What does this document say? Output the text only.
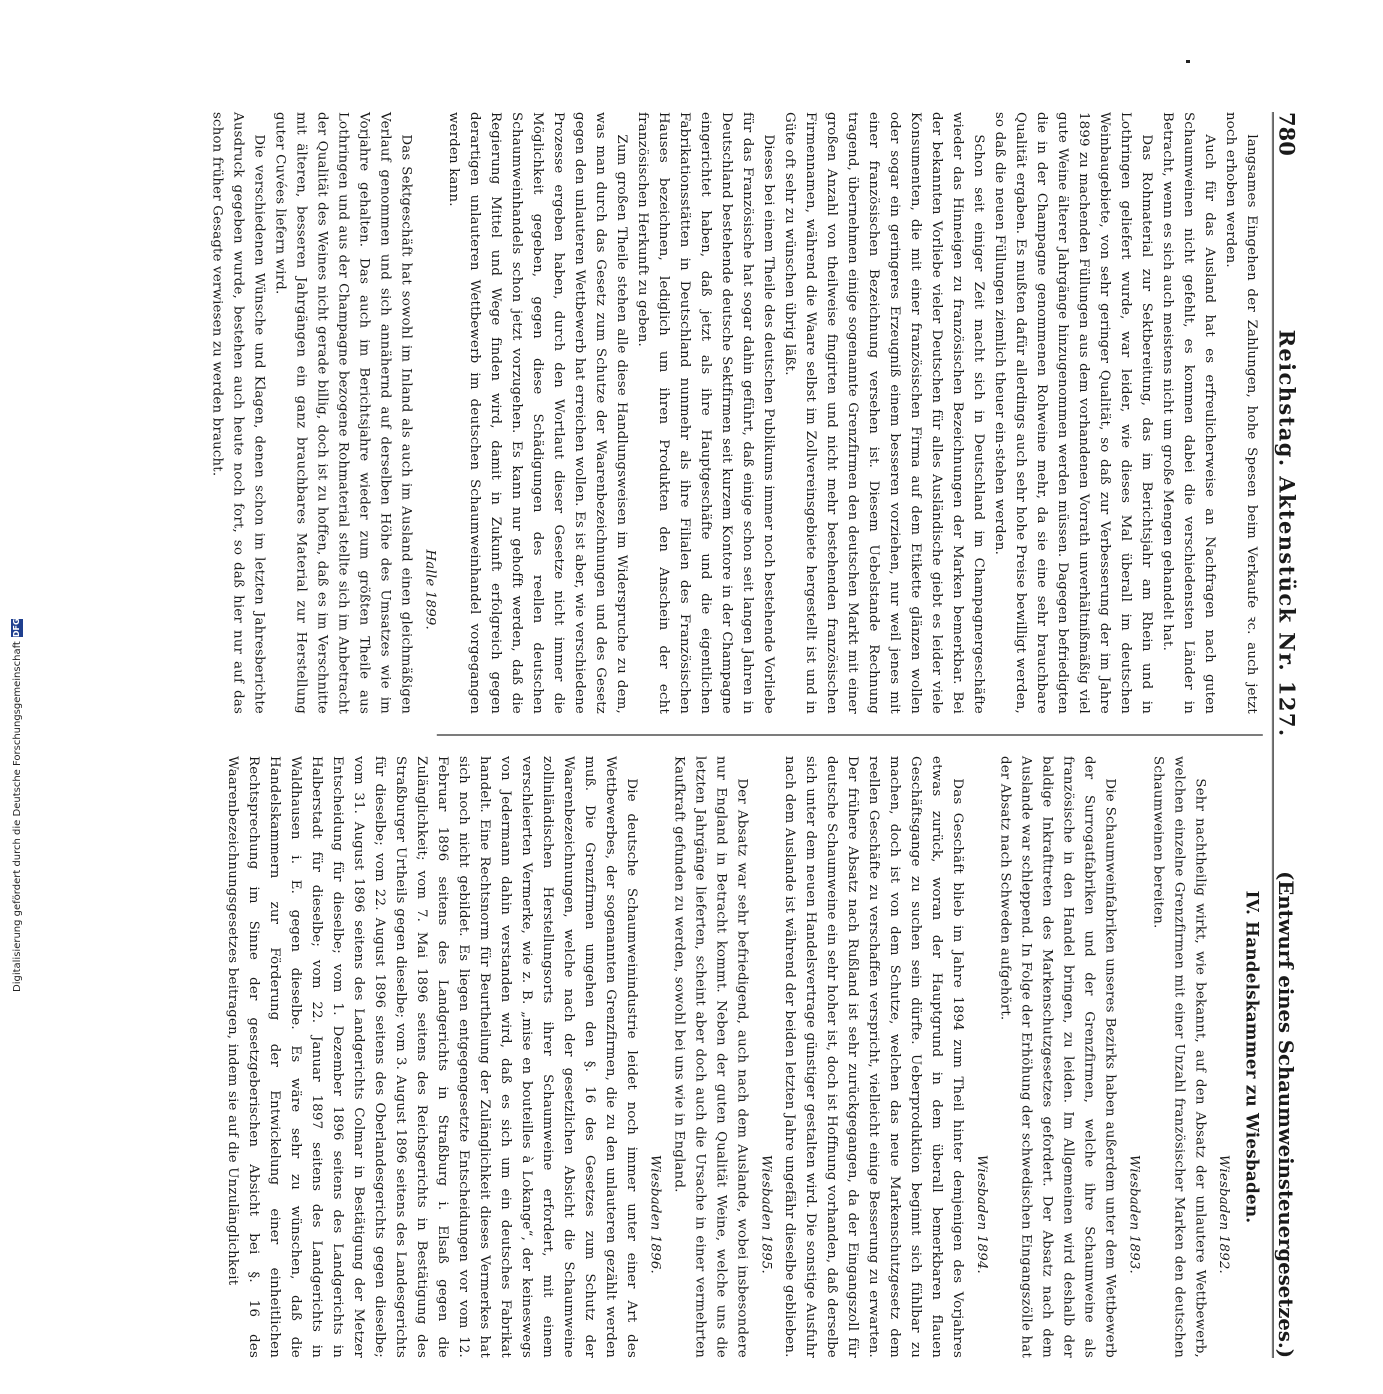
Digitalisierung gefördert durch die Deutsche Forschungsgemeinschaft
DFG
780
Reichstag. Aktenstück Nr. 127.
(Entwurf eines Schaumweinsteuergesetzes.)

langsames Eingehen der Zahlungen, hohe Spesen beim Verkaufe ꝛc. auch jetzt noch erhoben werden.

Auch für das Ausland hat es erfreulicherweise an Nachfragen nach guten Schaumweinen nicht gefehlt, es kommen dabei die verschiedensten Länder in Betracht, wenn es sich auch meistens nicht um große Mengen gehandelt hat.

Das Rohmaterial zur Sektbereitung, das im Berichtsjahr am Rhein und in Lothringen geliefert wurde, war leider, wie dieses Mal überall im deutschen Weinbaugebiete, von sehr geringer Qualität, so daß zur Verbesserung der im Jahre 1899 zu machenden Füllungen aus dem vorhandenen Vorrath unverhältnißmäßig viel gute Weine älterer Jahrgänge hinzugenommen werden müssen. Dagegen befriedigten die in der Champagne genommenen Rohweine mehr, da sie eine sehr brauchbare Qualität ergaben. Es mußten dafür allerdings auch sehr hohe Preise bewilligt werden, so daß die neuen Füllungen ziemlich theuer ein-stehen werden.

Schon seit einiger Zeit macht sich in Deutschland im Champagnergeschäfte wieder das Hinneigen zu französischen Bezeichnungen der Marken bemerkbar. Bei der bekannten Vorliebe vieler Deutschen für alles Ausländische giebt es leider viele Konsumenten, die mit einer französischen Firma auf dem Etikette glänzen wollen oder sogar ein geringeres Erzeugniß einem besseren vorziehen, nur weil jenes mit einer französischen Bezeichnung versehen ist. Diesem Uebelstande Rechnung tragend, übernehmen einige sogenannte Grenzfirmen den deutschen Markt mit einer großen Anzahl von theilweise fingirten und nicht mehr bestehenden französischen Firmennamen, während die Waare selbst im Zollvereinsgebiete hergestellt ist und in Güte oft sehr zu wünschen übrig läßt.

Dieses bei einem Theile des deutschen Publikums immer noch bestehende Vorliebe für das Französische hat sogar dahin geführt, daß einige schon seit langen Jahren in Deutschland bestehende deutsche Sektfirmen seit kurzem Kontore in der Champagne eingerichtet haben, daß jetzt als ihre Hauptgeschäfte und die eigentlichen Fabrikationsstätten in Deutschland nunmehr als ihre Filialen des Französischen Hauses bezeichnen, lediglich um ihren Produkten den Anschein der echt französischen Herkunft zu geben.

Zum großen Theile stehen alle diese Handlungsweisen im Widerspruche zu dem, was man durch das Gesetz zum Schutze der Waarenbezeichnungen und des Gesetz gegen den unlauteren Wettbewerb hat erreichen wollen. Es ist aber, wie verschiedene Prozesse ergeben haben, durch den Wortlaut dieser Gesetze nicht immer die Möglichkeit gegeben, gegen diese Schädigungen des reellen deutschen Schaumweinhandels schon jetzt vorzugehen. Es kann nur gehofft werden, daß die Regierung Mittel und Wege finden wird, damit in Zukunft erfolgreich gegen derartigen unlauteren Wettbewerb im deutschen Schaumweinhandel vorgegangen werden kann.

Halle 1899.

Das Sektgeschäft hat sowohl im Inland als auch im Ausland einen gleichmäßigen Verlauf genommen und sich annähernd auf derselben Höhe des Umsatzes wie im Vorjahre gehalten. Das auch im Berichtsjahre wieder zum größten Theile aus Lothringen und aus der Champagne bezogene Rohmaterial stellte sich im Anbetracht der Qualität des Weines nicht gerade billig, doch ist zu hoffen, daß es im Verschnitte mit älteren, besseren Jahrgängen ein ganz brauchbares Material zur Herstellung guter Cuvées liefern wird.

Die verschiedenen Wünsche und Klagen, denen schon im letzten Jahresberichte Ausdruck gegeben wurde, bestehen auch heute noch fort, so daß hier nur auf das schon früher Gesagte verwiesen zu werden braucht.

IV. Handelskammer zu Wiesbaden.

Wiesbaden 1892.

Sehr nachtheilig wirkt, wie bekannt, auf den Absatz der unlautere Wettbewerb, welchen einzelne Grenzfirmen mit einer Unzahl französischer Marken den deutschen Schaumweinen bereiten.

Wiesbaden 1893.

Die Schaumweinfabriken unseres Bezirks haben außerdem unter dem Wettbewerb der Surrogatfabriken und der Grenzfirmen, welche ihre Schaumweine als französische in den Handel bringen, zu leiden. Im Allgemeinen wird deshalb der baldige Inkrafttreten des Markenschutzgesetzes gefordert. Der Absatz nach dem Auslande war schleppend. In Folge der Erhöhung der schwedischen Eingangszölle hat der Absatz nach Schweden aufgehört.

Wiesbaden 1894.

Das Geschäft blieb im Jahre 1894 zum Theil hinter demjenigen des Vorjahres etwas zurück, woran der Hauptgrund in dem überall bemerkbaren flauen Geschäftsgange zu suchen sein dürfte. Ueberproduktion beginnt sich fühlbar zu machen, doch ist von dem Schutze, welchen das neue Markenschutzgesetz dem reellen Geschäfte zu verschaffen verspricht, vielleicht einige Besserung zu erwarten. Der frühere Absatz nach Rußland ist sehr zurückgegangen, da der Eingangszoll für deutsche Schaumweine ein sehr hoher ist, doch ist Hoffnung vorhanden, daß derselbe sich unter dem neuen Handelsvertrage günstiger gestalten wird. Die sonstige Ausfuhr nach dem Auslande ist während der beiden letzten Jahre ungefähr dieselbe geblieben.

Wiesbaden 1895.

Der Absatz war sehr befriedigend, auch nach dem Auslande, wobei insbesondere nur England in Betracht kommt. Neben der guten Qualität Weine, welche uns die letzten Jahrgänge lieferten, scheint aber doch auch die Ursache in einer vermehrten Kaufkraft gefunden zu werden, sowohl bei uns wie in England.

Wiesbaden 1896.

Die deutsche Schaumweinindustrie leidet noch immer unter einer Art des Wettbewerbes, der sogenannten Grenzfirmen, die zu den unlauteren gezählt werden muß. Die Grenzfirmen umgehen den §. 16 des Gesetzes zum Schutz der Waarenbezeichnungen, welche nach der gesetzlichen Absicht die Schaumweine zollinländischen Herstellungsorts ihrer Schaumweine erfordert, mit einem verschleierten Vermerke, wie z. B. „mise en bouteilles à Lokange“, der keineswegs von Jedermann dahin verstanden wird, daß es sich um ein deutsches Fabrikat handelt. Eine Rechtsnorm für Beurtheilung der Zulänglichkeit dieses Vermerkes hat sich noch nicht gebildet. Es liegen entgegengesetzte Entscheidungen vor vom 12. Februar 1896 seitens des Landgerichts in Straßburg i. Elsaß gegen die Zulänglichkeit; vom 7. Mai 1896 seitens des Reichsgerichts in Bestätigung des Straßburger Urtheils gegen dieselbe; vom 3. August 1896 seitens des Landesgerichts für dieselbe; vom 22. August 1896 seitens des Oberlandesgerichts gegen dieselbe; vom 31. August 1896 seitens des Landgerichts Colmar in Bestätigung der Metzer Entscheidung für dieselbe; vom 1. Dezember 1896 seitens des Landgerichts in Halberstadt für dieselbe; vom 22. Januar 1897 seitens des Landgerichts in Waldhausen i. E. gegen dieselbe. Es wäre sehr zu wünschen, daß die Handelskammern zur Förderung der Entwickelung einer einheitlichen Rechtsprechung im Sinne der gesetzgeberischen Absicht bei §. 16 des Waarenbezeichnungsgesetzes beitragen, indem sie auf die Unzulänglichkeit
